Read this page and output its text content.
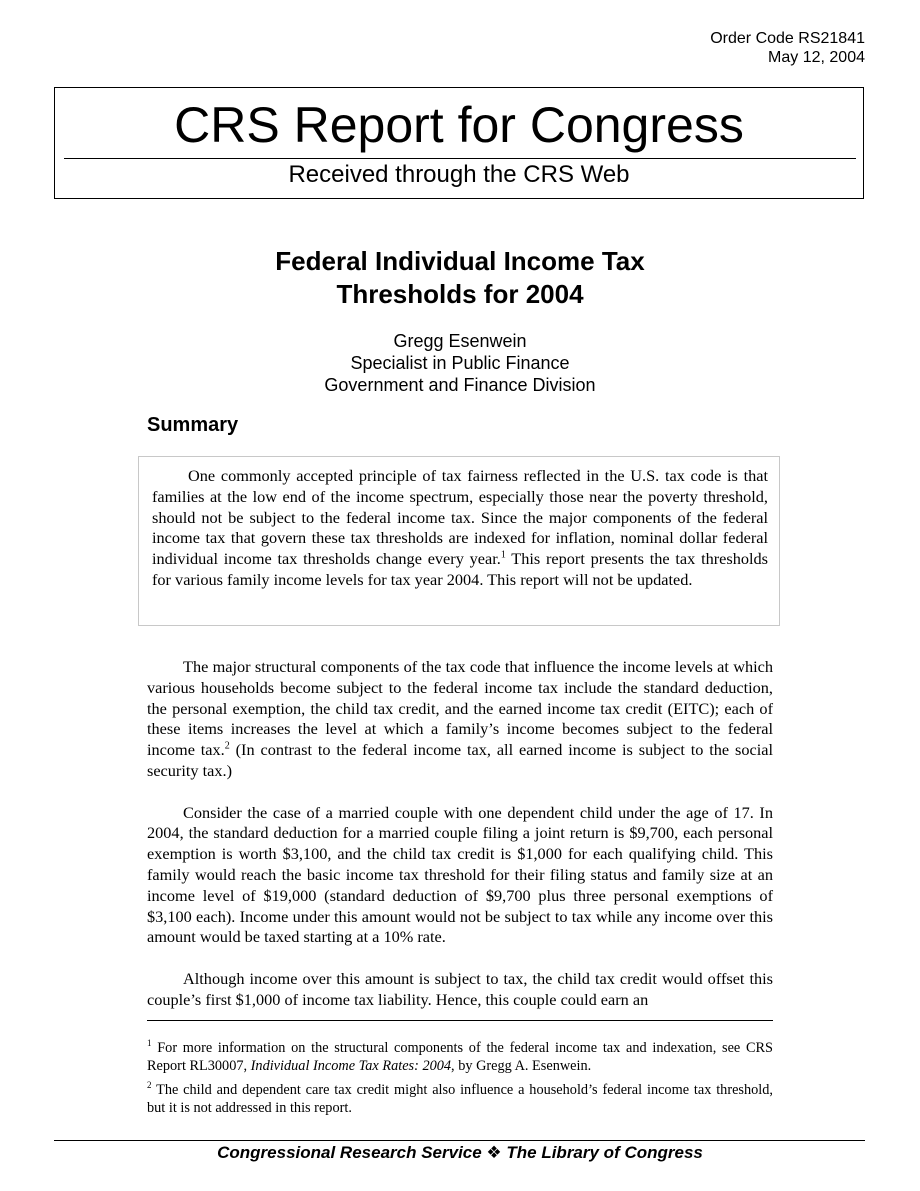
Order Code RS21841
May 12, 2004
CRS Report for Congress
Received through the CRS Web
Federal Individual Income Tax
Thresholds for 2004
Gregg Esenwein
Specialist in Public Finance
Government and Finance Division
Summary

One commonly accepted principle of tax fairness reflected in the U.S. tax code is that families at the low end of the income spectrum, especially those near the poverty threshold, should not be subject to the federal income tax. Since the major components of the federal income tax that govern these tax thresholds are indexed for inflation, nominal dollar federal individual income tax thresholds change every year.$^1$ This report presents the tax thresholds for various family income levels for tax year 2004. This report will not be updated.

The major structural components of the tax code that influence the income levels at which various households become subject to the federal income tax include the standard deduction, the personal exemption, the child tax credit, and the earned income tax credit (EITC); each of these items increases the level at which a family’s income becomes subject to the federal income tax.$^2$ (In contrast to the federal income tax, all earned income is subject to the social security tax.)

Consider the case of a married couple with one dependent child under the age of 17. In 2004, the standard deduction for a married couple filing a joint return is $9,700, each personal exemption is worth $3,100, and the child tax credit is $1,000 for each qualifying child. This family would reach the basic income tax threshold for their filing status and family size at an income level of $19,000 (standard deduction of $9,700 plus three personal exemptions of $3,100 each). Income under this amount would not be subject to tax while any income over this amount would be taxed starting at a 10% rate.

Although income over this amount is subject to tax, the child tax credit would offset this couple’s first $1,000 of income tax liability. Hence, this couple could earn an

$^1$ For more information on the structural components of the federal income tax and indexation, see CRS Report RL30007, Individual Income Tax Rates: 2004, by Gregg A. Esenwein.

$^2$ The child and dependent care tax credit might also influence a household’s federal income tax threshold, but it is not addressed in this report.

Congressional Research Service ❖ The Library of Congress
